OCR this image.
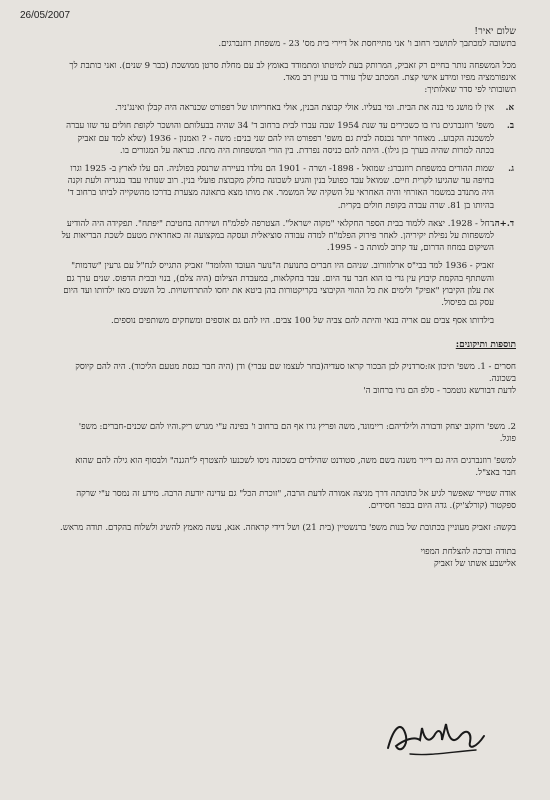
26/05/2007

שלום יאיר!

בתשובה למכתבך לתושבי רחוב ו' אני מתייחסת אל דיירי בית מס' 23 - משפחת רוזנברגים.

מכל המשפחה נותר בחיים רק זאביק, המרותק בעת למיטתו ומתמודד באומץ לב עם מחלת סרטן ממושכת (כבר 9 שנים). ואני כותבת לך אינפורמציה מפיו ומידע אישי קצת. המכתב שלך עורר בו עניין רב מאד.

תשובותי לפי סדר שאלותיך:

א.
אין לו מושג מי בנה את הבית. ומי בעליו. אולי קבוצת הבנין, אולי באחריותו של רפפורט שכנראה היה קבלן ואינג'ניר.
ב.
משפ' רוזנברגים גרו בו כשכירים עד שנת 1954 שבה עברו לבית ברחוב ד' 34 שהיה בבעלותם והושכר לקופת חולים עד שזו עברה למשכנה הקבוע.. מאוחר יותר נכנסה לבית גם משפ' רפפורט היו להם שני בנים: משה - ? ואמנון - 1936 (שלא למד עם זאביק בכתה למרות שהיה בערך בן גילו). היתה להם כניסה נפרדת. בין הורי המשפחות היה מתח. כנראה על המגורים בו.
ג.
שמות ההורים במשפחת רוזנברג: שמואל - 1898- ושרה - 1901 הם נולדו בעיירה שרנסק בפולניה. הם עלו לארץ ב- 1925 וגרו בחיפה עד שהגיעו לקרית חיים. שמואל עבד כפועל בנין והגיע לשכונה כחלק מקבוצת פועלי בנין. רוב שנותיו עבד בנגריה ולעת זקנה היה מתנדב במשמר האזרחי והיה האחראי על השקיה של המשמר. את מותו מצא בתאונה מצערת בדרכו מהשקייה לביתו ברחוב ד' בהיותו בן 81. שרה עבדה בקופת חולים בקרית.
ד.+ה.
רחל - 1928. יצאה ללמוד בבית הספר החקלאי "מקוה ישראל". הצטרפה לפלמ"ח ושירתה בחטיבת "יפתח". תפקידה היה להודיע למשפחות על נפילת יקיריהן. לאחר פירוק הפלמ"ח למדה עבודה סוציאלית ועסקה במקצועה זה כאחראית מטעם לשכת הבריאות על השיקום במחוז הדרום, עד קרוב למותה ב - 1995.
זאביק - 1936 למד בבי"ס ארלוזורוב. שניהם היו חברים בתנועת ה"נוער העובד והלומד" זאביק התגייס לנח"ל עם גרעין "שדמות" והשתתף בהקמת קיבוץ עין גדי בו הוא חבר עד היום. עבד בחקלאות, במעבדת הצילום (היה צלם), בנוי ובבית הדפוס. שנים ערך גם את עלון הקיבוץ "אפיק" ולימים את כל ההווי הקיבוצי בקריקטורות בהן ביטא את יחסו להתרחשויות. כל השנים מאז ילדותו ועד היום עסק גם בפיסול.
בילדותו אסף צבים עם אריה בנאי והיתה להם צביה של 100 צבים. היו להם גם אוספים ומשחקים משותפים נוספים.

תוספות ותיקונים:

חסרים - 1. משפ' תיכון אז:סרדניק לבן הבכור קראו סעדיה(בחר לעצמו שם עברי) ודן (היה חבר כנסת מטעם הליכוד). היה להם קיוסק בשכונה.

לדעת דבורשא גוטמכר - סלפ הם גרו ברחוב ה'

2. משפ' רוזקוב יצחק ודבורה ולילדיהם: ריימונד, משה ופריץ גרו אף הם ברחוב ו' בפינה ע"י מגרש ריק.והיו להם שכנים-חברים: משפ' פוגל.

למשפ' רוזנברגים היה גם דייר משנה בשם משה, סטודנט שהילדים בשכונה ניסו לשכנעו להצטרף ל"הגנה" ולבסוף הוא גילה להם שהוא חבר באצ"ל.

אודה שטייר שאפשר לגיע אל כתובתה דרך מגיצה אמורה לדעת הרבה, "זוכרת הכל" גם עדינה יודעת הרבה. מידע זה נמסר ע"י שרקה ספקטור (קורלצ'יק). גדה היום בכפר חסידים.

בקשה: זאביק מעוניין בכתובת של בנות משפ' ברנשטיין (בית 21) ושל דידי קראוזה. אנא, עשה מאמץ להשיג ולשלוח בהקדם. תודה מראש.

בתודה וברכה להצלחת המפוי

אלישבע אשתו של זאביק
